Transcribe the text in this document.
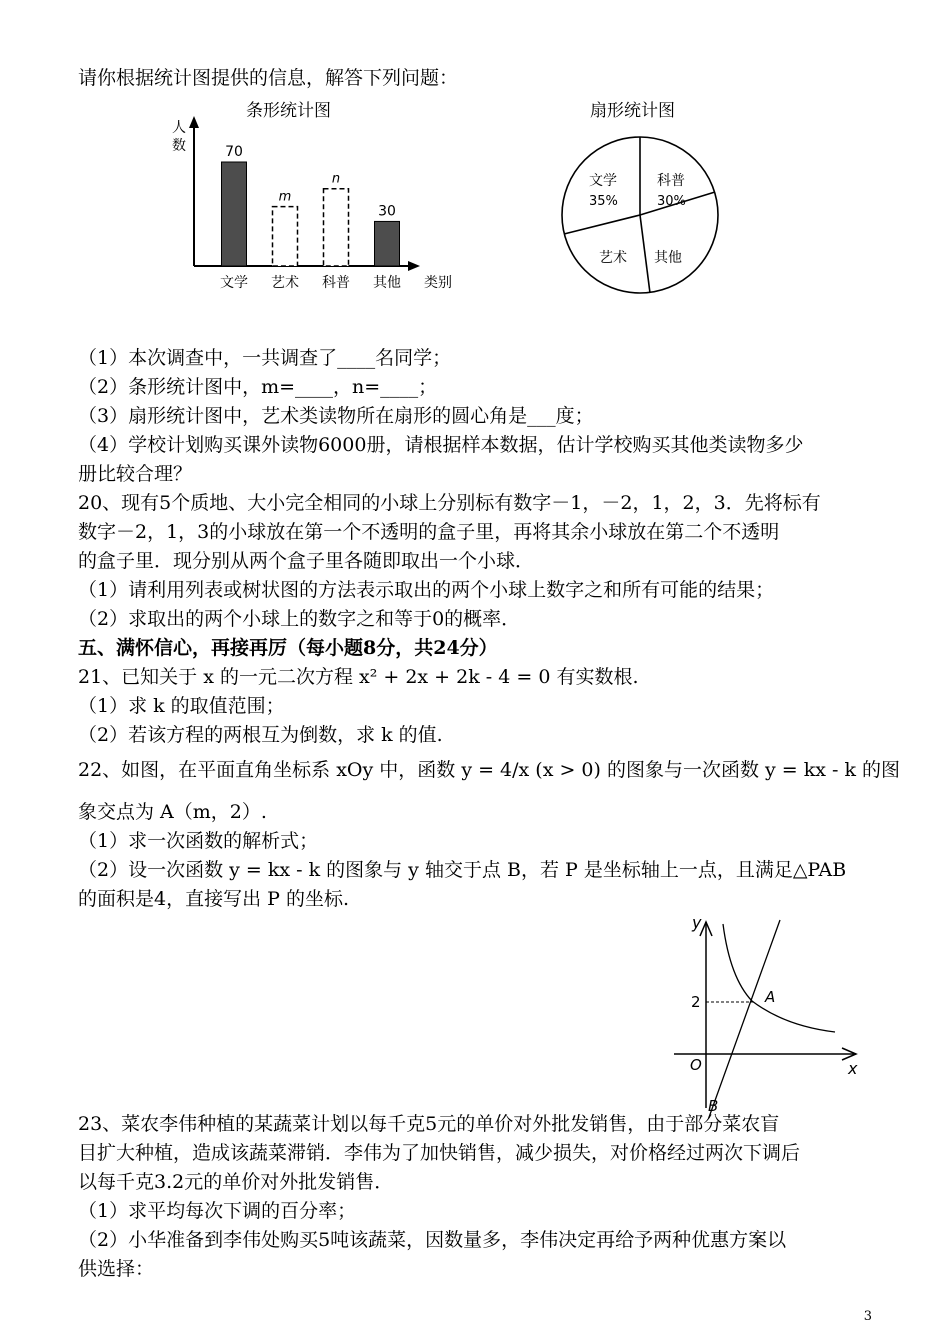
请你根据统计图提供的信息，解答下列问题：
条形统计图
人
数
类别
70
文学
m
艺术
n
科普
30
其他
扇形统计图
文学
35%
科普
30%
艺术 其他
（1）本次调查中，一共调查了____名同学；
（2）条形统计图中，m=____，n=____；
（3）扇形统计图中，艺术类读物所在扇形的圆心角是___度；
（4）学校计划购买课外读物6000册，请根据样本数据，估计学校购买其他类读物多少
册比较合理？
20、现有5个质地、大小完全相同的小球上分别标有数字－1，－2，1，2，3．先将标有
数字－2，1，3的小球放在第一个不透明的盒子里，再将其余小球放在第二个不透明
的盒子里．现分别从两个盒子里各随即取出一个小球．
（1）请利用列表或树状图的方法表示取出的两个小球上数字之和所有可能的结果；
（2）求取出的两个小球上的数字之和等于0的概率．
五、满怀信心，再接再厉（每小题8分，共24分）
21、已知关于 x 的一元二次方程 x² + 2x + 2k - 4 = 0 有实数根.
（1）求 k 的取值范围；
（2）若该方程的两根互为倒数，求 k 的值.
22、如图，在平面直角坐标系 xOy 中，函数 y = 4/x (x > 0) 的图象与一次函数 y = kx - k 的图
象交点为 A（m，2）.
（1）求一次函数的解析式；
（2）设一次函数 y = kx - k 的图象与 y 轴交于点 B，若 P 是坐标轴上一点，且满足△PAB
的面积是4，直接写出 P 的坐标.
y
x
O
2	A
B
23、菜农李伟种植的某蔬菜计划以每千克5元的单价对外批发销售，由于部分菜农盲
目扩大种植，造成该蔬菜滞销．李伟为了加快销售，减少损失，对价格经过两次下调后
以每千克3.2元的单价对外批发销售．
（1）求平均每次下调的百分率；
（2）小华准备到李伟处购买5吨该蔬菜，因数量多，李伟决定再给予两种优惠方案以
供选择：
3
